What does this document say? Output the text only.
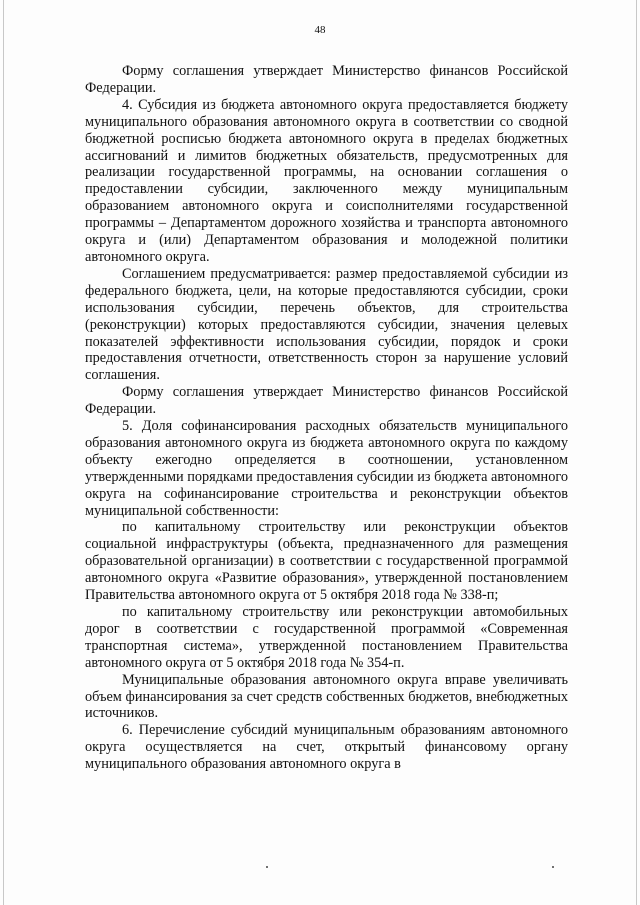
48

Форму соглашения утверждает Министерство финансов Российской Федерации.

4. Субсидия из бюджета автономного округа предоставляется бюджету муниципального образования автономного округа в соответствии со сводной бюджетной росписью бюджета автономного округа в пределах бюджетных ассигнований и лимитов бюджетных обязательств, предусмотренных для реализации государственной программы, на основании соглашения о предоставлении субсидии, заключенного между муниципальным образованием автономного округа и соисполнителями государственной программы – Департаментом дорожного хозяйства и транспорта автономного округа и (или) Департаментом образования и молодежной политики автономного округа.

Соглашением предусматривается: размер предоставляемой субсидии из федерального бюджета, цели, на которые предоставляются субсидии, сроки использования субсидии, перечень объектов, для строительства (реконструкции) которых предоставляются субсидии, значения целевых показателей эффективности использования субсидии, порядок и сроки предоставления отчетности, ответственность сторон за нарушение условий соглашения.

Форму соглашения утверждает Министерство финансов Российской Федерации.

5. Доля софинансирования расходных обязательств муниципального образования автономного округа из бюджета автономного округа по каждому объекту ежегодно определяется в соотношении, установленном утвержденными порядками предоставления субсидии из бюджета автономного округа на софинансирование строительства и реконструкции объектов муниципальной собственности:

по капитальному строительству или реконструкции объектов социальной инфраструктуры (объекта, предназначенного для размещения образовательной организации) в соответствии с государственной программой автономного округа «Развитие образования», утвержденной постановлением Правительства автономного округа от 5 октября 2018 года № 338-п;

по капитальному строительству или реконструкции автомобильных дорог в соответствии с государственной программой «Современная транспортная система», утвержденной постановлением Правительства автономного округа от 5 октября 2018 года № 354-п.

Муниципальные образования автономного округа вправе увеличивать объем финансирования за счет средств собственных бюджетов, внебюджетных источников.

6. Перечисление субсидий муниципальным образованиям автономного округа осуществляется на счет, открытый финансовому органу муниципального образования автономного округа в
